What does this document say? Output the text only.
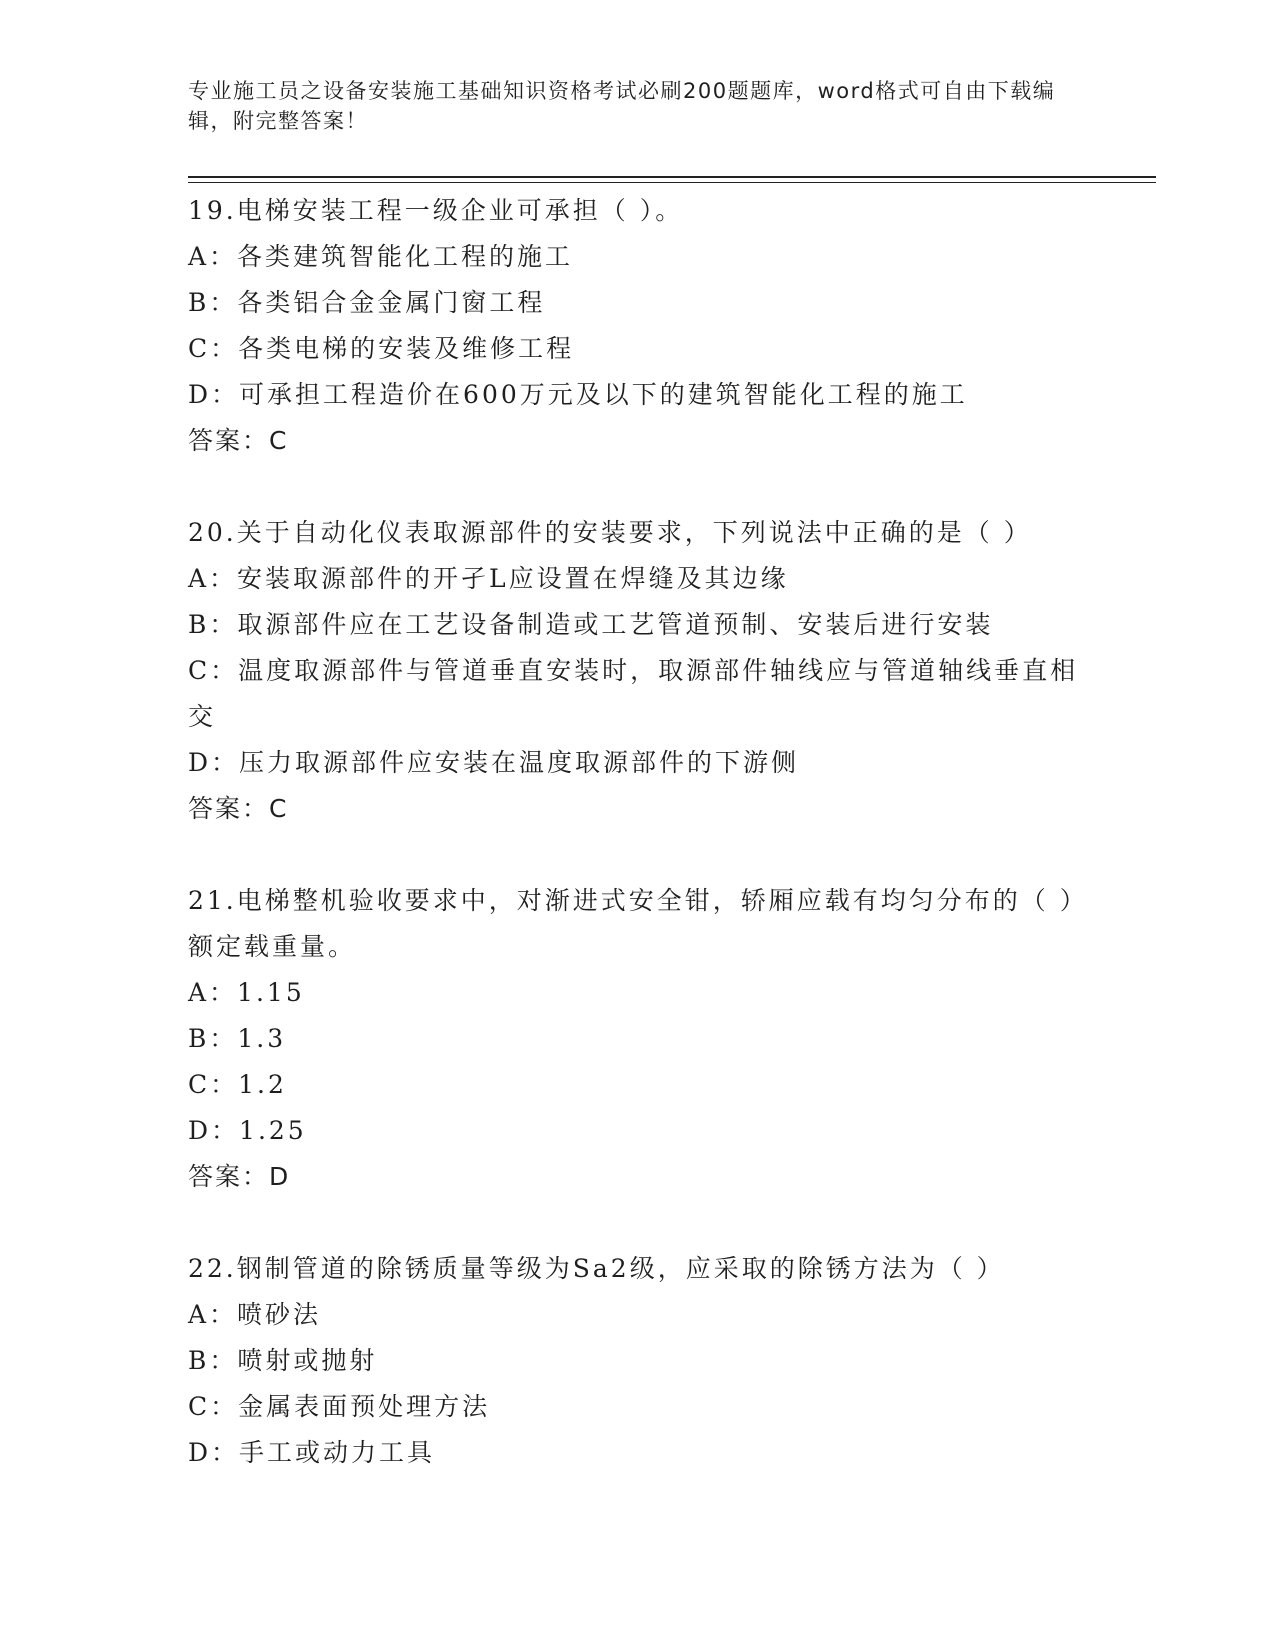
专业施工员之设备安装施工基础知识资格考试必刷200题题库，word格式可自由下载编辑，附完整答案！

19.电梯安装工程一级企业可承担（ ）。

A：各类建筑智能化工程的施工

B：各类铝合金金属门窗工程

C：各类电梯的安装及维修工程

D：可承担工程造价在600万元及以下的建筑智能化工程的施工

答案：C

20.关于自动化仪表取源部件的安装要求，下列说法中正确的是（ ）

A：安装取源部件的开孑L应设置在焊缝及其边缘

B：取源部件应在工艺设备制造或工艺管道预制、安装后进行安装

C：温度取源部件与管道垂直安装时，取源部件轴线应与管道轴线垂直相交

D：压力取源部件应安装在温度取源部件的下游侧

答案：C

21.电梯整机验收要求中，对渐进式安全钳，轿厢应载有均匀分布的（ ）额定载重量。

A：1.15

B：1.3

C：1.2

D：1.25

答案：D

22.钢制管道的除锈质量等级为Sa2级，应采取的除锈方法为（ ）

A：喷砂法

B：喷射或抛射

C：金属表面预处理方法

D：手工或动力工具
